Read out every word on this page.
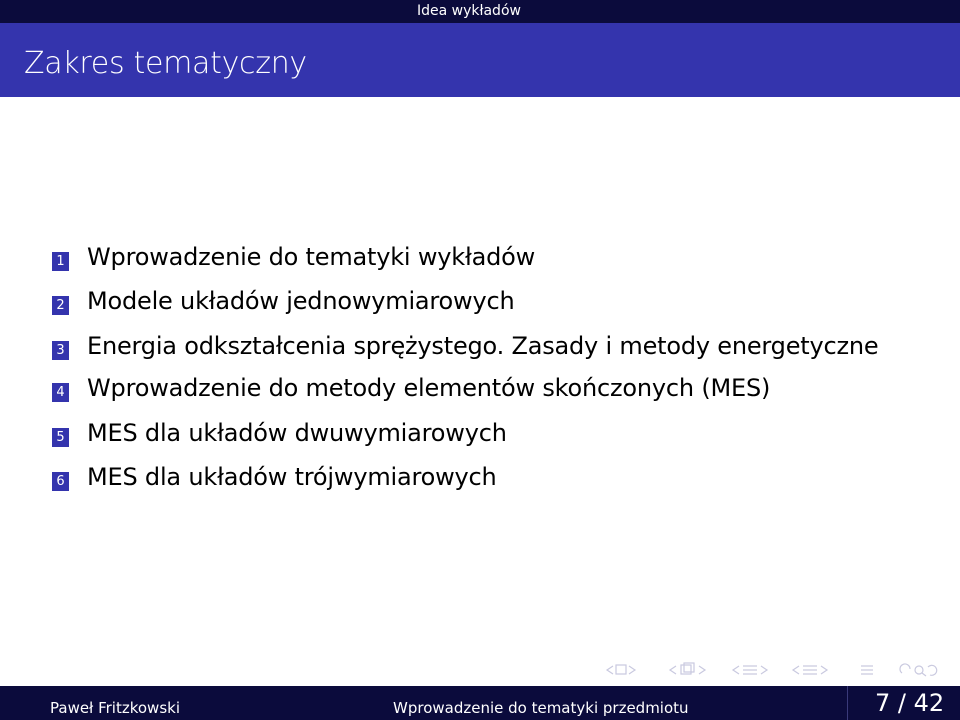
Idea wykładów
Zakres tematyczny
1 Wprowadzenie do tematyki wykładów
2 Modele układów jednowymiarowych
3 Energia odkształcenia sprężystego. Zasady i metody energetyczne
4 Wprowadzenie do metody elementów skończonych (MES)
5 MES dla układów dwuwymiarowych
6 MES dla układów trójwymiarowych
Paweł Fritzkowski	Wprowadzenie do tematyki przedmiotu	7 / 42
